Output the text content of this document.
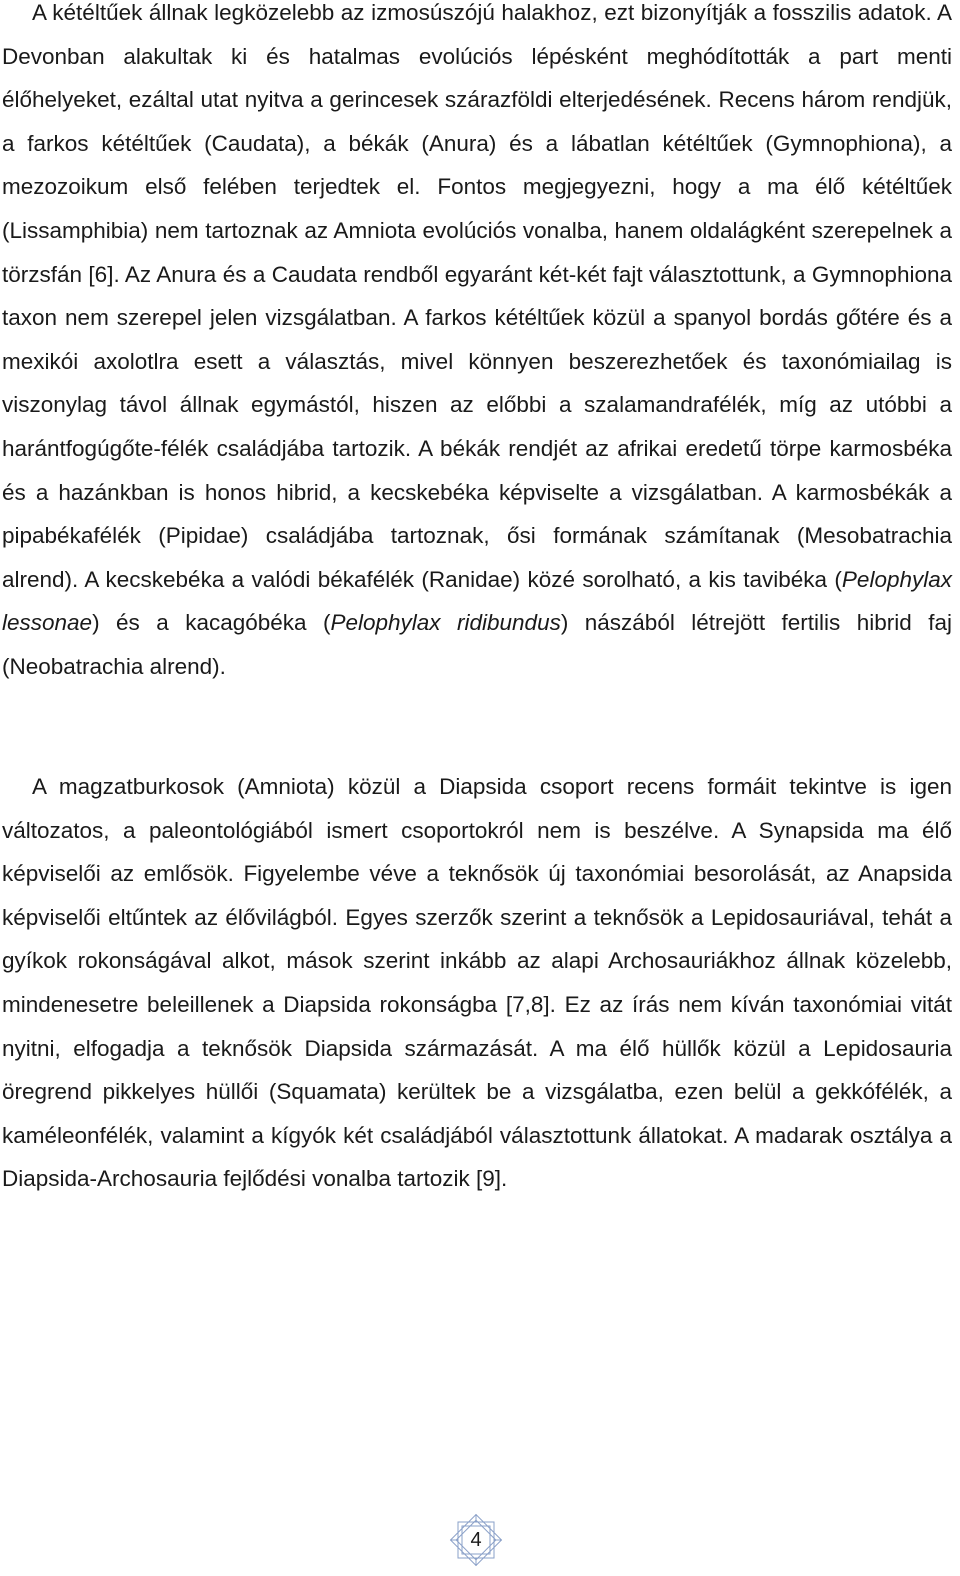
A kétéltűek állnak legközelebb az izmosúszójú halakhoz, ezt bizonyítják a fosszilis adatok. A Devonban alakultak ki és hatalmas evolúciós lépésként meghódították a part menti élőhelyeket, ezáltal utat nyitva a gerincesek szárazföldi elterjedésének. Recens három rendjük, a farkos kétéltűek (Caudata), a békák (Anura) és a lábatlan kétéltűek (Gymnophiona), a mezozoikum első felében terjedtek el. Fontos megjegyezni, hogy a ma élő kétéltűek (Lissamphibia) nem tartoznak az Amniota evolúciós vonalba, hanem oldalágként szerepelnek a törzsfán [6]. Az Anura és a Caudata rendből egyaránt két-két fajt választottunk, a Gymnophiona taxon nem szerepel jelen vizsgálatban. A farkos kétéltűek közül a spanyol bordás gőtére és a mexikói axolotlra esett a választás, mivel könnyen beszerezhetőek és taxonómiailag is viszonylag távol állnak egymástól, hiszen az előbbi a szalamandrafélék, míg az utóbbi a harántfogúgőte-félék családjába tartozik. A békák rendjét az afrikai eredetű törpe karmosbéka és a hazánkban is honos hibrid, a kecskebéka képviselte a vizsgálatban. A karmosbékák a pipabékafélék (Pipidae) családjába tartoznak, ősi formának számítanak (Mesobatrachia alrend). A kecskebéka a valódi békafélék (Ranidae) közé sorolható, a kis tavibéka (Pelophylax lessonae) és a kacagóbéka (Pelophylax ridibundus) nászából létrejött fertilis hibrid faj (Neobatrachia alrend).

A magzatburkosok (Amniota) közül a Diapsida csoport recens formáit tekintve is igen változatos, a paleontológiából ismert csoportokról nem is beszélve. A Synapsida ma élő képviselői az emlősök. Figyelembe véve a teknősök új taxonómiai besorolását, az Anapsida képviselői eltűntek az élővilágból. Egyes szerzők szerint a teknősök a Lepidosauriával, tehát a gyíkok rokonságával alkot, mások szerint inkább az alapi Archosauriákhoz állnak közelebb, mindenesetre beleillenek a Diapsida rokonságba [7,8]. Ez az írás nem kíván taxonómiai vitát nyitni, elfogadja a teknősök Diapsida származását. A ma élő hüllők közül a Lepidosauria öregrend pikkelyes hüllői (Squamata) kerültek be a vizsgálatba, ezen belül a gekkófélék, a kaméleonfélék, valamint a kígyók két családjából választottunk állatokat. A madarak osztálya a Diapsida-Archosauria fejlődési vonalba tartozik [9].

4
